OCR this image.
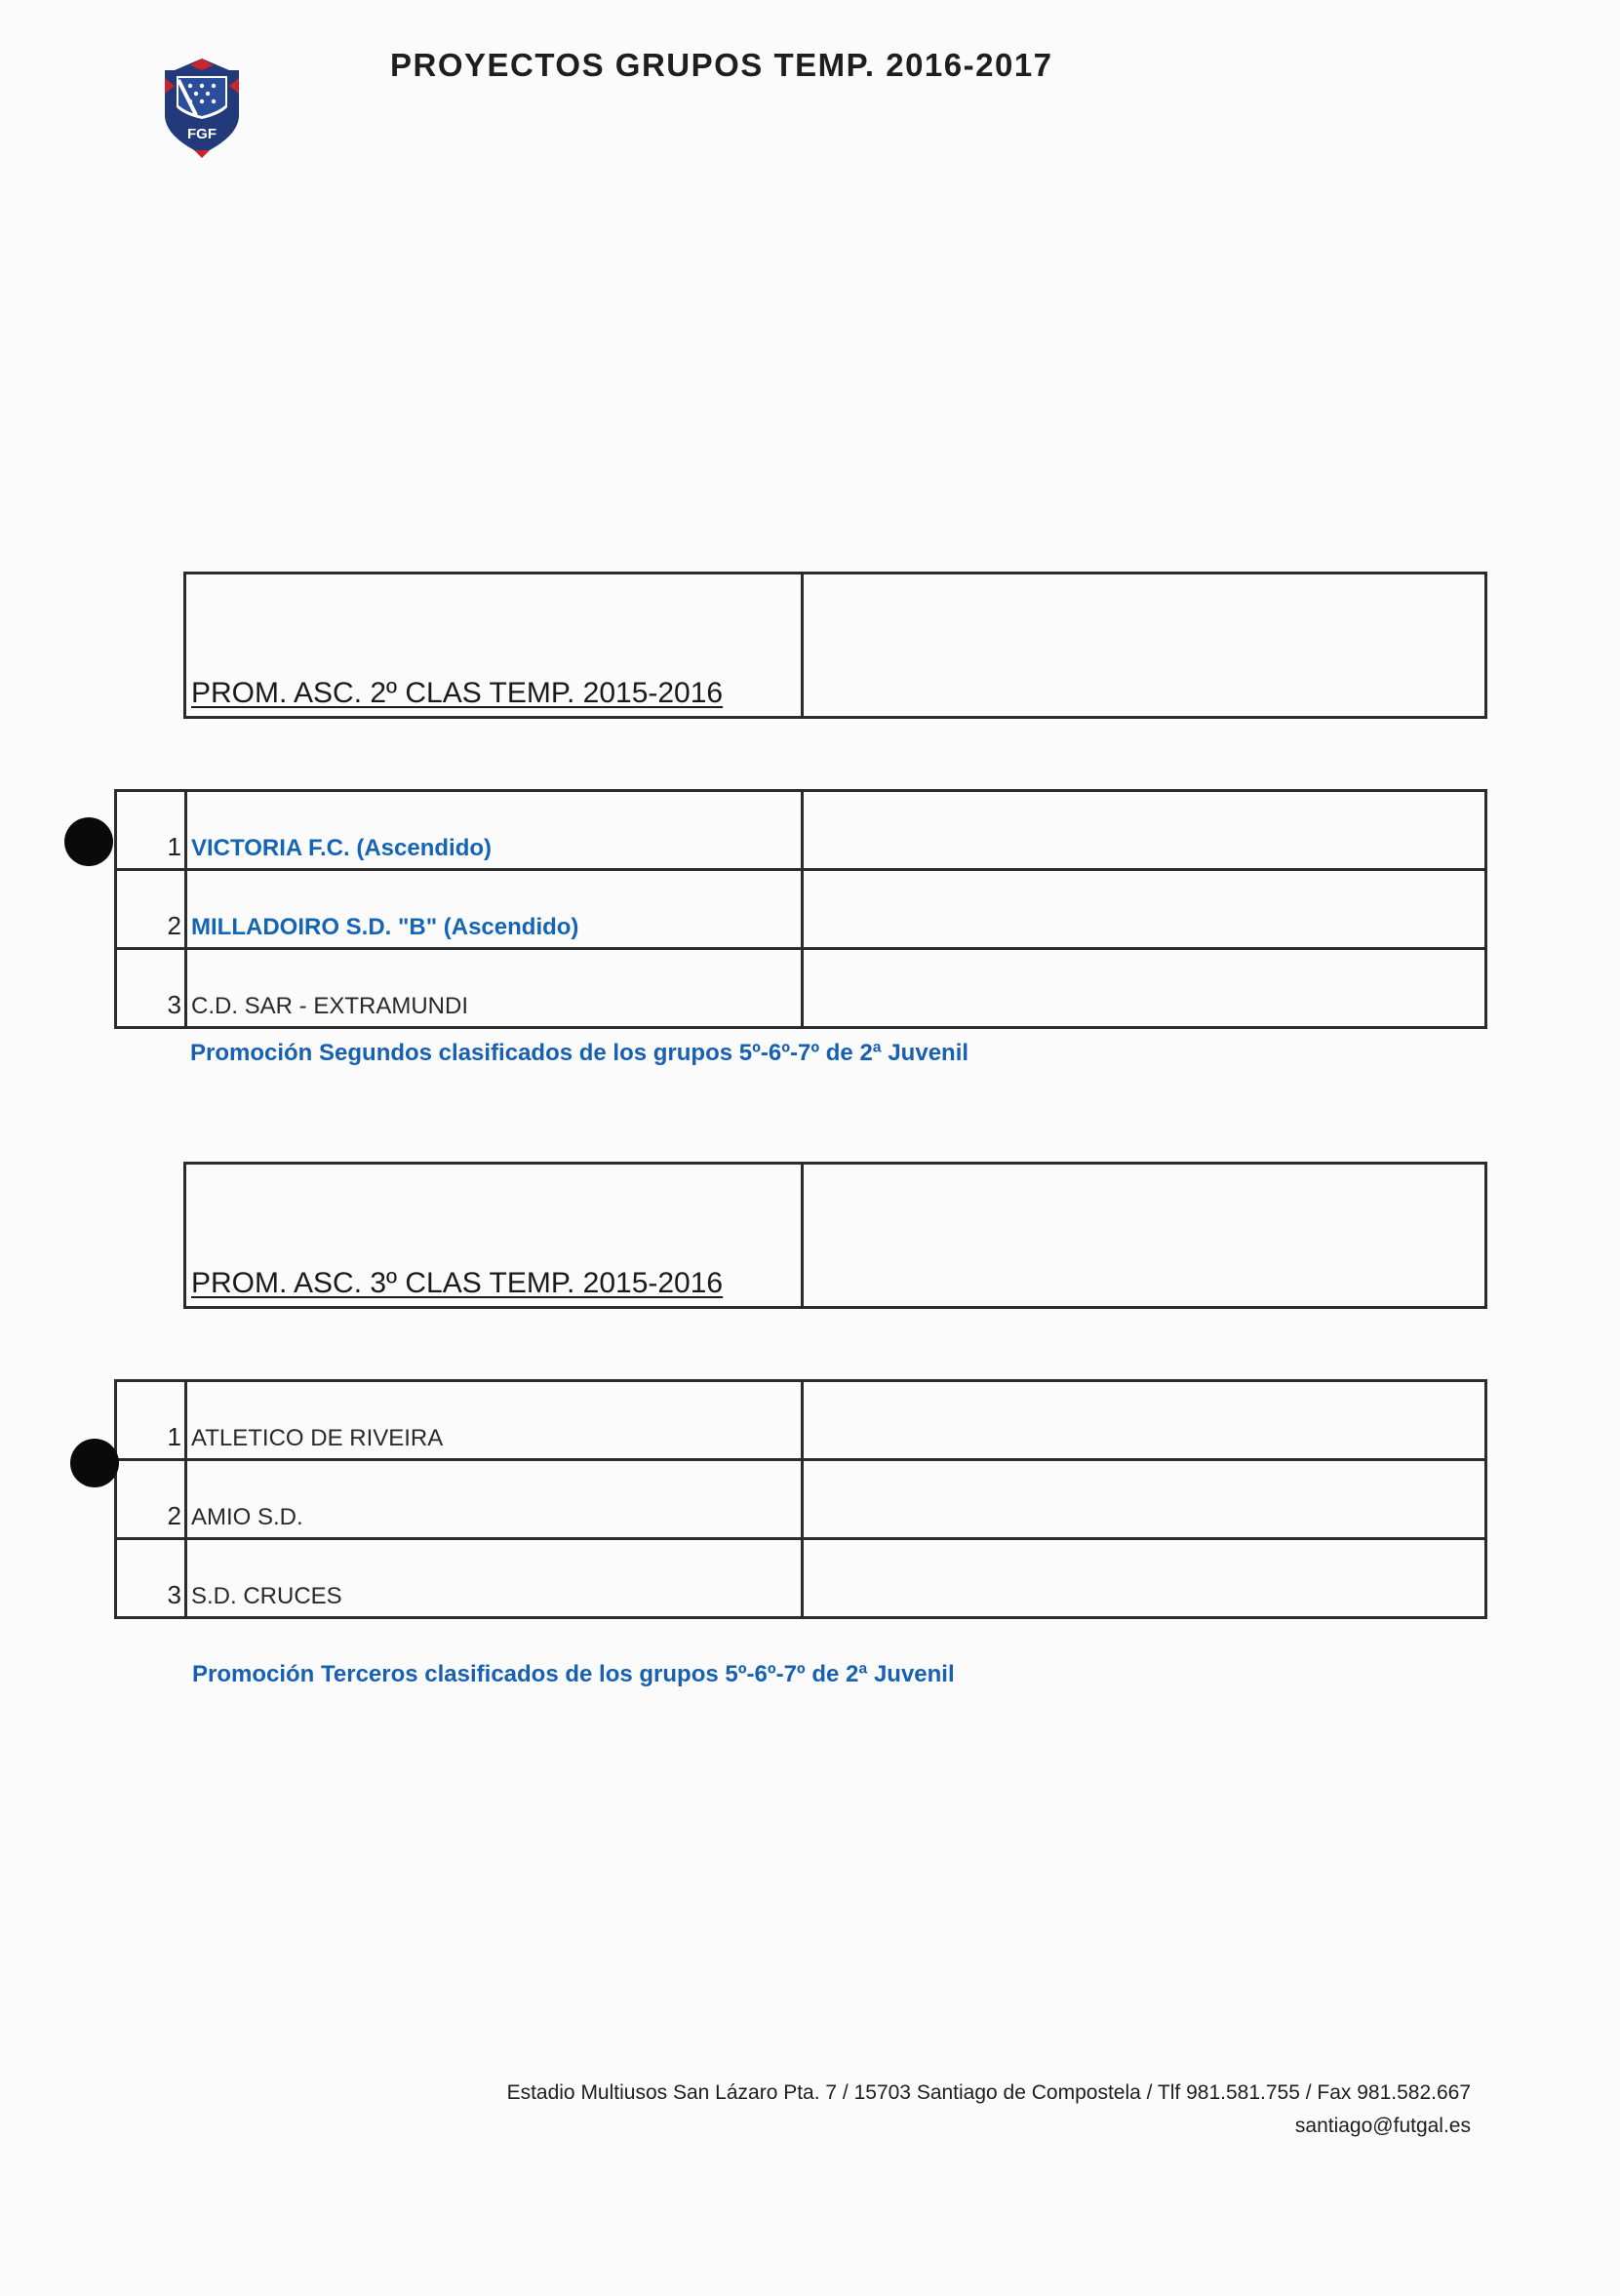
FGF
PROYECTOS GRUPOS TEMP. 2016-2017
PROM. ASC. 2º CLAS TEMP. 2015-2016

1	VICTORIA F.C. (Ascendido)	
2	MILLADOIRO S.D. "B" (Ascendido)	
3	C.D. SAR - EXTRAMUNDI	
Promoción Segundos clasificados de los grupos 5º-6º-7º de 2ª Juvenil
PROM. ASC. 3º CLAS TEMP. 2015-2016

1	ATLETICO DE RIVEIRA	
2	AMIO S.D.	
3	S.D. CRUCES	
Promoción Terceros clasificados de los grupos 5º-6º-7º de 2ª Juvenil
Estadio Multiusos San Lázaro Pta. 7 / 15703 Santiago de Compostela / Tlf 981.581.755 / Fax 981.582.667
santiago@futgal.es
